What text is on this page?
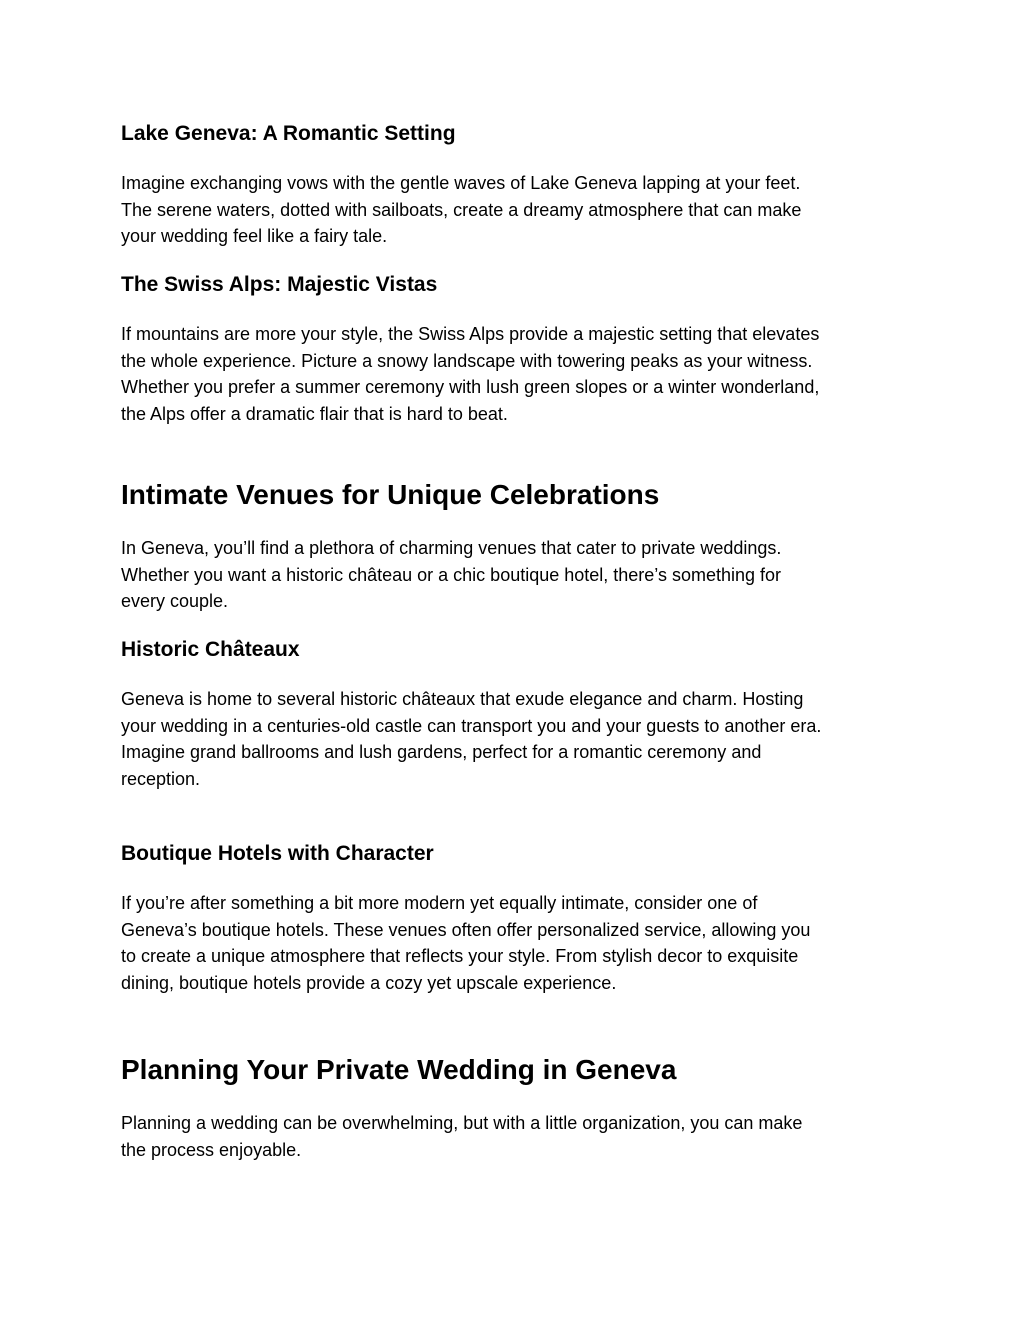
Lake Geneva: A Romantic Setting
Imagine exchanging vows with the gentle waves of Lake Geneva lapping at your feet.
The serene waters, dotted with sailboats, create a dreamy atmosphere that can make
your wedding feel like a fairy tale.
The Swiss Alps: Majestic Vistas
If mountains are more your style, the Swiss Alps provide a majestic setting that elevates
the whole experience. Picture a snowy landscape with towering peaks as your witness.
Whether you prefer a summer ceremony with lush green slopes or a winter wonderland,
the Alps offer a dramatic flair that is hard to beat.
Intimate Venues for Unique Celebrations
In Geneva, you’ll find a plethora of charming venues that cater to private weddings.
Whether you want a historic château or a chic boutique hotel, there’s something for
every couple.
Historic Châteaux
Geneva is home to several historic châteaux that exude elegance and charm. Hosting
your wedding in a centuries-old castle can transport you and your guests to another era.
Imagine grand ballrooms and lush gardens, perfect for a romantic ceremony and
reception.
Boutique Hotels with Character
If you’re after something a bit more modern yet equally intimate, consider one of
Geneva’s boutique hotels. These venues often offer personalized service, allowing you
to create a unique atmosphere that reflects your style. From stylish decor to exquisite
dining, boutique hotels provide a cozy yet upscale experience.
Planning Your Private Wedding in Geneva
Planning a wedding can be overwhelming, but with a little organization, you can make
the process enjoyable.
